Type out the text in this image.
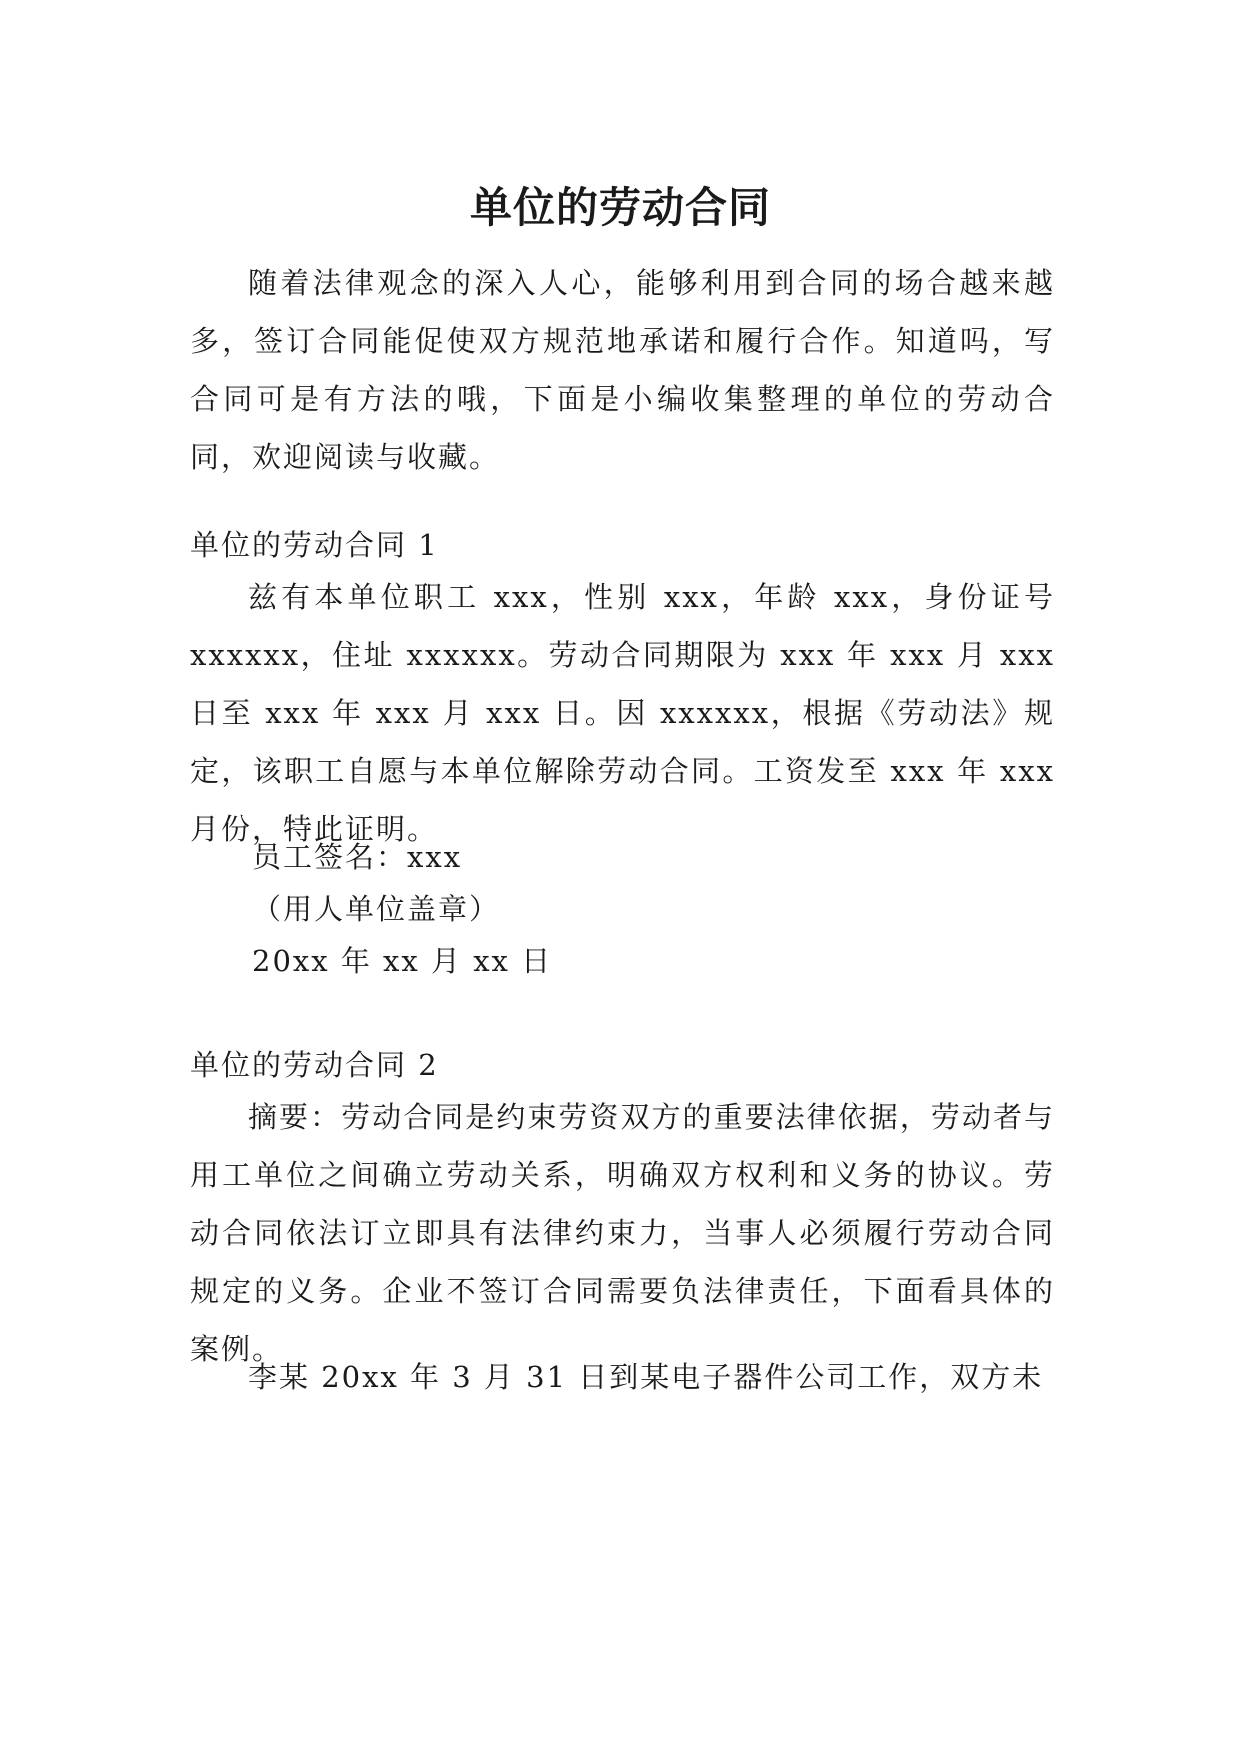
单位的劳动合同

随着法律观念的深入人心，能够利用到合同的场合越来越多，签订合同能促使双方规范地承诺和履行合作。知道吗，写合同可是有方法的哦，下面是小编收集整理的单位的劳动合同，欢迎阅读与收藏。

单位的劳动合同 1

兹有本单位职工 xxx，性别 xxx，年龄 xxx，身份证号 xxxxxx，住址 xxxxxx。劳动合同期限为 xxx 年 xxx 月 xxx 日至 xxx 年 xxx 月 xxx 日。因 xxxxxx，根据《劳动法》规定，该职工自愿与本单位解除劳动合同。工资发至 xxx 年 xxx 月份，特此证明。

员工签名：xxx

（用人单位盖章）

20xx 年 xx 月 xx 日

单位的劳动合同 2

摘要：劳动合同是约束劳资双方的重要法律依据，劳动者与用工单位之间确立劳动关系，明确双方权利和义务的协议。劳动合同依法订立即具有法律约束力，当事人必须履行劳动合同规定的义务。企业不签订合同需要负法律责任，下面看具体的案例。

李某 20xx 年 3 月 31 日到某电子器件公司工作，双方未
